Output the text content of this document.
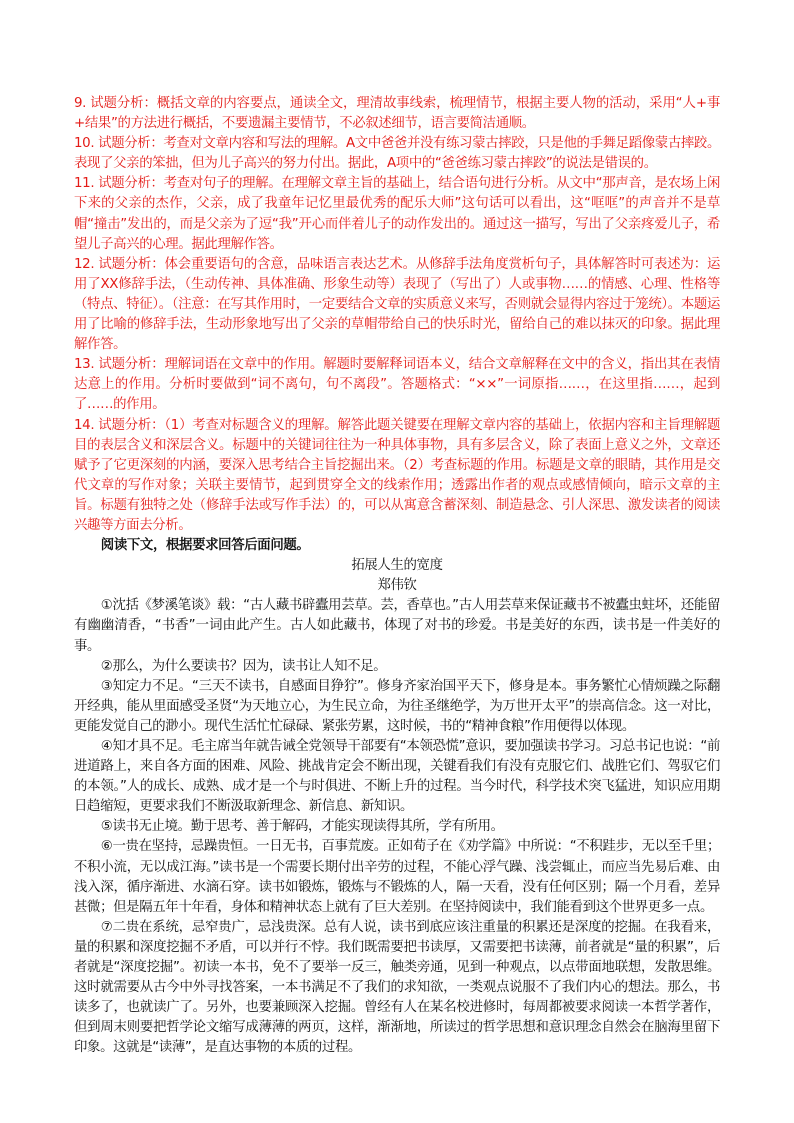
9. 试题分析：概括文章的内容要点，通读全文，理清故事线索，梳理情节，根据主要人物的活动，采用“人+事+结果”的方法进行概括，不要遗漏主要情节，不必叙述细节，语言要简洁通顺。

10. 试题分析：考查对文章内容和写法的理解。A文中爸爸并没有练习蒙古摔跤，只是他的手舞足蹈像蒙古摔跤。表现了父亲的笨拙，但为儿子高兴的努力付出。据此，A项中的“爸爸练习蒙古摔跤”的说法是错误的。

11. 试题分析：考查对句子的理解。在理解文章主旨的基础上，结合语句进行分析。从文中“那声音，是农场上闲下来的父亲的杰作，父亲，成了我童年记忆里最优秀的配乐大师”这句话可以看出，这“哐哐”的声音并不是草帽“撞击”发出的，而是父亲为了逗“我”开心而伴着儿子的动作发出的。通过这一描写，写出了父亲疼爱儿子，希望儿子高兴的心理。据此理解作答。

12. 试题分析：体会重要语句的含意，品味语言表达艺术。从修辞手法角度赏析句子，具体解答时可表述为：运用了XX修辞手法，（生动传神、具体准确、形象生动等）表现了（写出了）人或事物……的情感、心理、性格等（特点、特征）。（注意：在写其作用时，一定要结合文章的实质意义来写，否则就会显得内容过于笼统）。本题运用了比喻的修辞手法，生动形象地写出了父亲的草帽带给自己的快乐时光，留给自己的难以抹灭的印象。据此理解作答。

13. 试题分析：理解词语在文章中的作用。解题时要解释词语本义，结合文章解释在文中的含义，指出其在表情达意上的作用。分析时要做到“词不离句，句不离段”。答题格式：“××”一词原指……，在这里指……，起到了……的作用。

14. 试题分析：（1）考查对标题含义的理解。解答此题关键要在理解文章内容的基础上，依据内容和主旨理解题目的表层含义和深层含义。标题中的关键词往往为一种具体事物，具有多层含义，除了表面上意义之外，文章还赋予了它更深刻的内涵，要深入思考结合主旨挖掘出来。（2）考查标题的作用。标题是文章的眼睛，其作用是交代文章的写作对象；关联主要情节，起到贯穿全文的线索作用；透露出作者的观点或感情倾向，暗示文章的主旨。标题有独特之处（修辞手法或写作手法）的，可以从寓意含蓄深刻、制造悬念、引人深思、激发读者的阅读兴趣等方面去分析。

阅读下文，根据要求回答后面问题。

拓展人生的宽度

郑伟钦

①沈括《梦溪笔谈》载：“古人藏书辟蠹用芸草。芸，香草也。”古人用芸草来保证藏书不被蠹虫蛀坏，还能留有幽幽清香，“书香”一词由此产生。古人如此藏书，体现了对书的珍爱。书是美好的东西，读书是一件美好的事。

②那么，为什么要读书？因为，读书让人知不足。

③知定力不足。“三天不读书，自感面目狰狞”。修身齐家治国平天下，修身是本。事务繁忙心情烦躁之际翻开经典，能从里面感受圣贤“为天地立心，为生民立命，为往圣继绝学，为万世开太平”的崇高信念。这一对比，更能发觉自己的渺小。现代生活忙忙碌碌、紧张劳累，这时候，书的“精神食粮”作用便得以体现。

④知才具不足。毛主席当年就告诫全党领导干部要有“本领恐慌”意识，要加强读书学习。习总书记也说：“前进道路上，来自各方面的困难、风险、挑战肯定会不断出现，关键看我们有没有克服它们、战胜它们、驾驭它们的本领。”人的成长、成熟、成才是一个与时俱进、不断上升的过程。当今时代，科学技术突飞猛进，知识应用期日趋缩短，更要求我们不断汲取新理念、新信息、新知识。

⑤读书无止境。勤于思考、善于解码，才能实现读得其所，学有所用。

⑥一贵在坚持，忌躁贵恒。一日无书，百事荒废。正如荀子在《劝学篇》中所说：“不积跬步，无以至千里；不积小流，无以成江海。”读书是一个需要长期付出辛劳的过程，不能心浮气躁、浅尝辄止，而应当先易后难、由浅入深，循序渐进、水滴石穿。读书如锻炼，锻炼与不锻炼的人，隔一天看，没有任何区别；隔一个月看，差异甚微；但是隔五年十年看，身体和精神状态上就有了巨大差别。在坚持阅读中，我们能看到这个世界更多一点。

⑦二贵在系统，忌窄贵广，忌浅贵深。总有人说，读书到底应该注重量的积累还是深度的挖掘。在我看来，量的积累和深度挖掘不矛盾，可以并行不悖。我们既需要把书读厚，又需要把书读薄，前者就是“量的积累”，后者就是“深度挖掘”。初读一本书，免不了要举一反三，触类旁通，见到一种观点，以点带面地联想，发散思维。这时就需要从古今中外寻找答案，一本书满足不了我们的求知欲，一类观点说服不了我们内心的想法。那么，书读多了，也就读广了。另外，也要兼顾深入挖掘。曾经有人在某名校进修时，每周都被要求阅读一本哲学著作，但到周末则要把哲学论文缩写成薄薄的两页，这样，渐渐地，所读过的哲学思想和意识理念自然会在脑海里留下印象。这就是“读薄”，是直达事物的本质的过程。
